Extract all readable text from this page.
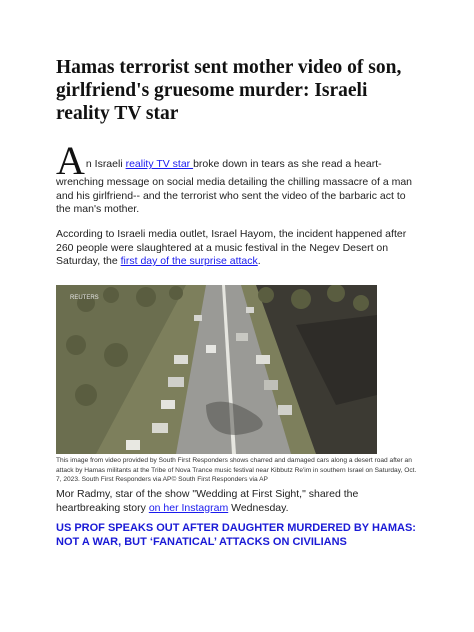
Hamas terrorist sent mother video of son, girlfriend's gruesome murder: Israeli reality TV star

A n Israeli reality TV star broke down in tears as she read a heart-
wrenching message on social media detailing the chilling massacre of a man and his girlfriend-- and the terrorist who sent the video of the barbaric act to the man's mother.

According to Israeli media outlet, Israel Hayom, the incident happened after 260 people were slaughtered at a music festival in the Negev Desert on Saturday, the first day of the surprise attack.

REUTERS

This image from video provided by South First Responders shows charred and damaged cars along a desert road after an attack by Hamas militants at the Tribe of Nova Trance music festival near Kibbutz Re'im in southern Israel on Saturday, Oct. 7, 2023. South First Responders via AP© South First Responders via AP

Mor Radmy, star of the show "Wedding at First Sight," shared the heartbreaking story on her Instagram Wednesday.

US PROF SPEAKS OUT AFTER DAUGHTER MURDERED BY HAMAS: NOT A WAR, BUT ‘FANATICAL’ ATTACKS ON CIVILIANS
